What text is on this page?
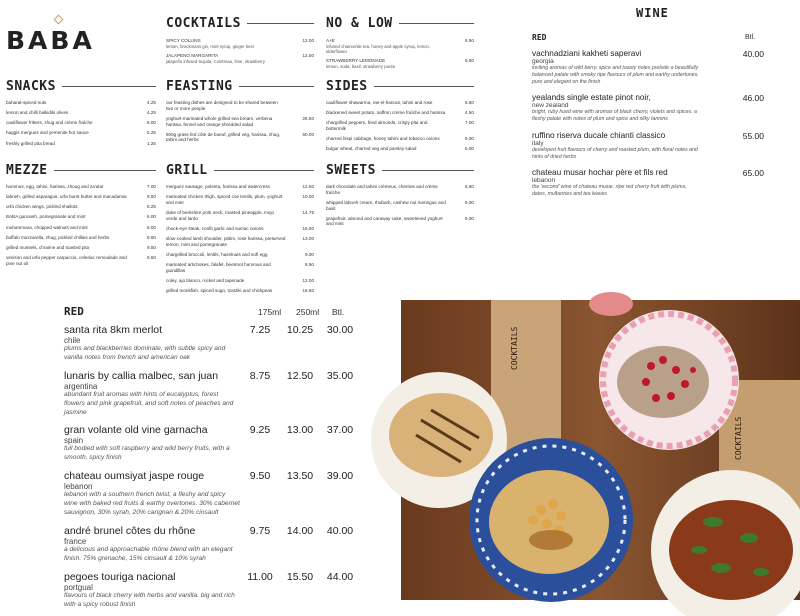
BABA
COCKTAILS
SPICY COLLINS
lemon, brockmans gin, mint syrup, ginger beer
12.00
JALAPENO MARGARITA
jalapeño infused tequila, Cointreau, lime, strawberry
12.50
NO & LOW
A+E
infused chamomile tea, honey and apple syrup, lemon, elderflower
6.50
STRAWBERRY LEMONADE
lemon, soda, basil, strawberry purée
6.50
SNACKS
baharat-spiced nuts	4.25
lemon and chilli halkidiki olives	4.25
cauliflower fritters, zhug and crème fraîche	6.00
haggis merguez and yemenite hot sauce	5.25
freshly grilled pita bread	1.25
FEASTING
our feasting dishes are designed to be shared between two or more people
yoghurt-marinated whole grilled sea bream, verbena harissa, fennel and orange shredded salad
26.50
600g grass fed côte de boeuf, grilled veg, harissa, zhug, tahini and herbs
50.00
SIDES
cauliflower shawarma, ras-el-hanout, tahini and rose	6.50
blackened sweet potato, saffron crème fraîche and harissa	4.50
chargrilled peppers, fried almonds, crispy pita and buttermilk
7.00
charred hispi cabbage, honey tahini and tobacco onions	6.00
bulgur wheat, charred veg and parsley salad	5.00
MEZZE
hummus, egg, tahini, harissa, zhoug and za'atar	7.00
labneh, grilled asparagus, urfa burnt butter and macadamia	8.50
urfa chicken wings, pickled shallots	8.25
BABA ganoush, pomegranate and mint	6.00
muhammara, chopped walnuts and mint	6.00
buffalo mozzarella, zhug, pickled chillies and herbs	9.50
grilled mussels, chraime and toasted pita	9.50
venison and urfa pepper carpaccio, celeriac remoulade and pine nut oil
9.50
GRILL
merguez sausage, polenta, harissa and watercress	12.50
marinated chicken thigh, spiced coe lentils, plum, yoghurt and mint
10.00
duke of berkshire pork neck, roasted pineapple, mojo verde and lardo
14.75
chuck-eye steak, confit garlic and sumac onions	16.00
slow-cooked lamb shoulder, pittim, rose harissa, preserved lemon, mint and pomegranate
13.00
chargrilled broccoli, lentils, hazelnuts and soft egg	9.00
marinated artichokes, falafel, beetroot hummus and guindillas
8.50
coley, ajo blanco, rocket and tapenade	12.00
grilled monkfish, spiced sugo, tzatziki and chickpeas	16.50
SWEETS
dark chocolate and tahini crémeux, cherries and crème fraîche
6.50
whipped labneh cream, rhubarb, cashew nut meringue and basil
6.00
grapefruit, almond and caraway cake, sweetened yoghurt and mint
6.00
WINE
RED	Btl.
vachnadziani kakheti saperavi
georgia
inviting aromas of wild berry, spice and toasty notes prelude a beautifully balanced palate with smoky ripe flavours of plum and earthy undertones. pure and elegant on the finish
40.00
yealands single estate pinot noir,
new zealand
bright, ruby hued wine with aromas of black cherry, violets and spices. a fleshy palate with notes of plum and spice and silky tannins
46.00
ruffino riserva ducale chianti classico
italy
developed fruit flavours of cherry and roasted plum, with floral notes and hints of dried herbs
55.00
chateau musar hochar père et fils red
lebanon
the 'second' wine of chateau musar. ripe red cherry fruit with plums, dates, mulberries and tea leaves
65.00
RED	175ml 250ml Btl.
santa rita 8km merlot
chile
plums and blackberries dominate, with subtle spicy and vanilla notes from french and american oak
7.25	10.25	30.00
lunaris by callia malbec, san juan
argentina
abundant fruit aromas with hints of eucalyptus, forest flowers and pink grapefruit, and soft notes of peaches and jasmine
8.75	12.50	35.00
gran volante old vine garnacha
spain
full bodied with soft raspberry and wild berry fruits, with a smooth, spicy finish
9.25	13.00	37.00
chateau oumsiyat jaspe rouge
lebanon
lebanon with a southern french twist, a fleshy and spicy wine with baked red fruits & earthy overtones. 30% cabernet sauvignon, 30% syrah, 20% carignan & 20% cinsault
9.50	13.50	39.00
andré brunel côtes du rhône
france
a delicious and approachable rhône blend with an elegant finish. 75% grenache, 15% cinsault & 10% syrah
9.75	14.00	40.00
pegoes touriga nacional
portgual
flavours of black cherry with herbs and vanilla. big and rich with a spicy robust finish
11.00	15.50	44.00
COCKTAILS
COCKTAILS
